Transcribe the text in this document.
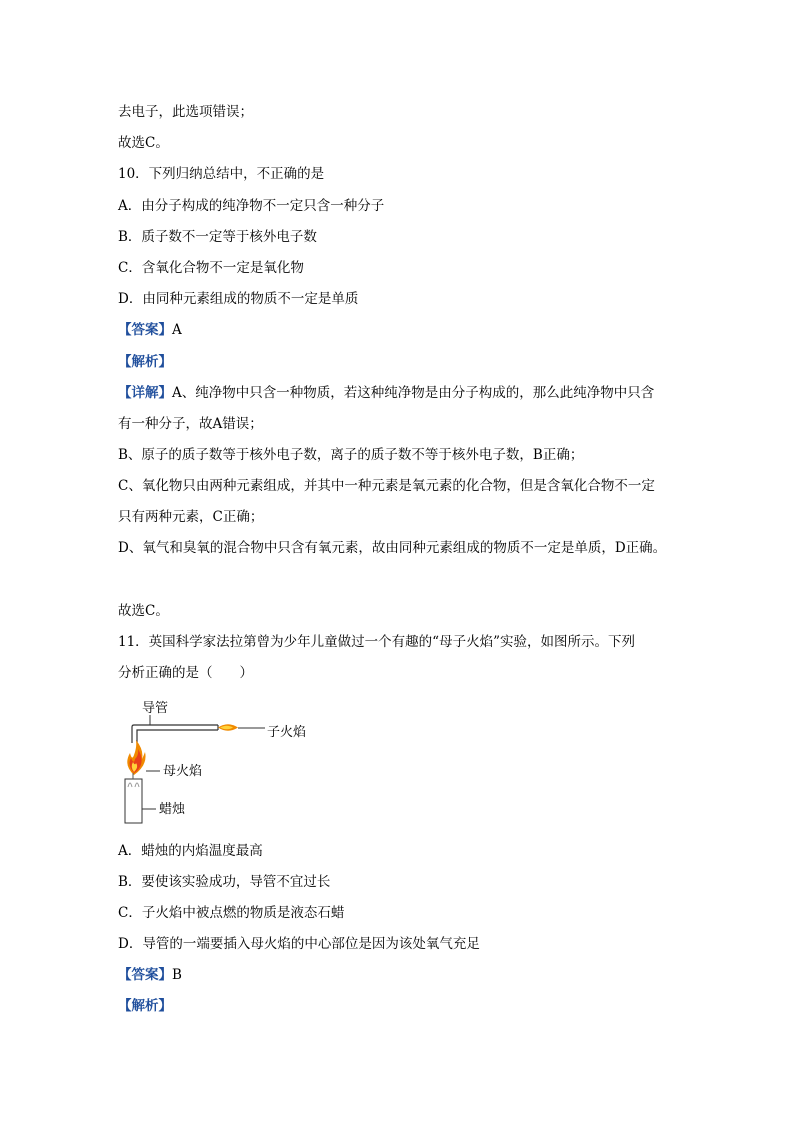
去电子，此选项错误；
故选C。
10．下列归纳总结中，不正确的是
A．由分子构成的纯净物不一定只含一种分子
B．质子数不一定等于核外电子数
C．含氧化合物不一定是氧化物
D．由同种元素组成的物质不一定是单质
【答案】A
【解析】
【详解】A、纯净物中只含一种物质，若这种纯净物是由分子构成的，那么此纯净物中只含
有一种分子，故A错误；
B、原子的质子数等于核外电子数，离子的质子数不等于核外电子数，B正确；
C、氧化物只由两种元素组成，并其中一种元素是氧元素的化合物，但是含氧化合物不一定
只有两种元素，C正确；
D、氧气和臭氧的混合物中只含有氧元素，故由同种元素组成的物质不一定是单质，D正确。
故选C。
11．英国科学家法拉第曾为少年儿童做过一个有趣的“母子火焰”实验，如图所示。下列
分析正确的是（　　）
导管
子火焰
母火焰
蜡烛
A．蜡烛的内焰温度最高
B．要使该实验成功，导管不宜过长
C．子火焰中被点燃的物质是液态石蜡
D．导管的一端要插入母火焰的中心部位是因为该处氧气充足
【答案】B
【解析】
